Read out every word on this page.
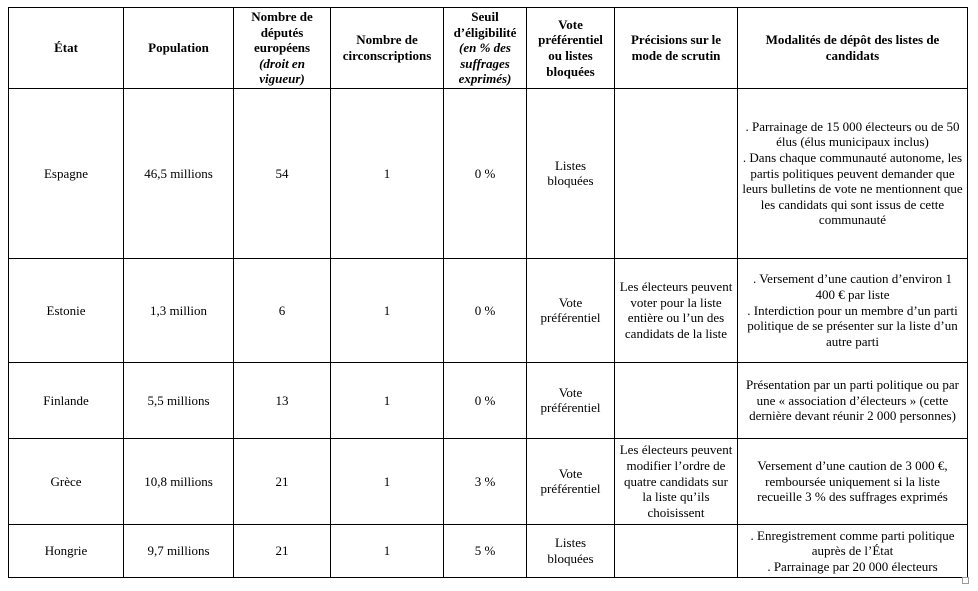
État	Population	Nombre de députés européens (droit en vigueur)	Nombre de circonscriptions	Seuil d’éligibilité (en % des suffrages exprimés)	Vote préférentiel ou listes bloquées	Précisions sur le mode de scrutin	Modalités de dépôt des listes de candidats
Espagne	46,5 millions	54	1	0 %	Listes bloquées		. Parrainage de 15 000 électeurs ou de 50 élus (élus municipaux inclus)
. Dans chaque communauté autonome, les partis politiques peuvent demander que leurs bulletins de vote ne mentionnent que les candidats qui sont issus de cette communauté

Estonie	1,3 million	6	1	0 %	Vote préférentiel	Les électeurs peuvent voter pour la liste entière ou l’un des candidats de la liste	. Versement d’une caution d’environ 1 400 € par liste
. Interdiction pour un membre d’un parti politique de se présenter sur la liste d’un autre parti

Finlande	5,5 millions	13	1	0 %	Vote préférentiel		Présentation par un parti politique ou par une « association d’électeurs » (cette dernière devant réunir 2 000 personnes)

Grèce	10,8 millions	21	1	3 %	Vote préférentiel	Les électeurs peuvent modifier l’ordre de quatre candidats sur la liste qu’ils choisissent	Versement d’une caution de 3 000 €, remboursée uniquement si la liste recueille 3 % des suffrages exprimés

Hongrie	9,7 millions	21	1	5 %	Listes bloquées		. Enregistrement comme parti politique auprès de l’État
. Parrainage par 20 000 électeurs
